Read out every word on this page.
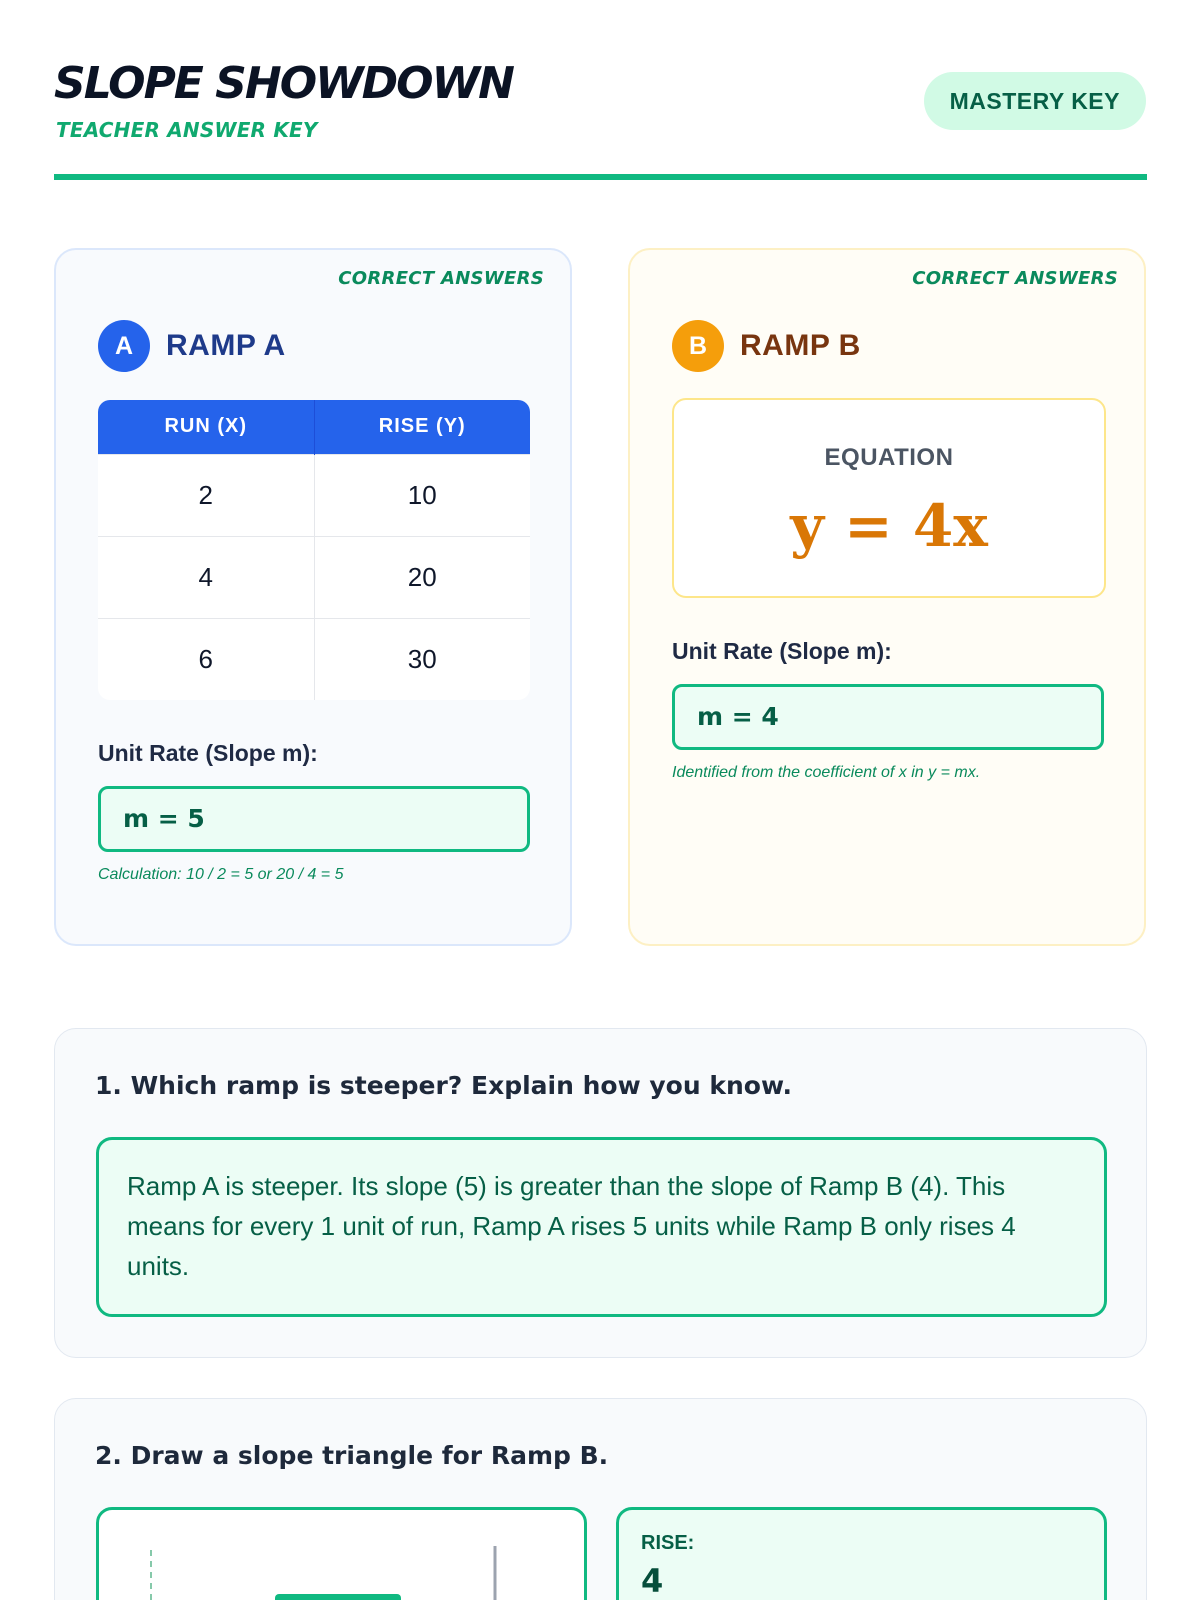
SLOPE SHOWDOWN
TEACHER ANSWER KEY
MASTERY KEY
CORRECT ANSWERS
A	RAMP A
RUN (X)	RISE (Y)
2	10
4	20
6	30
Unit Rate (Slope m):
m = 5
Calculation: 10 / 2 = 5 or 20 / 4 = 5
CORRECT ANSWERS
B	RAMP B
EQUATION
y = 4x
Unit Rate (Slope m):
m = 4
Identified from the coefficient of x in y = mx.
1. Which ramp is steeper? Explain how you know.
Ramp A is steeper. Its slope (5) is greater than the slope of Ramp B (4). This means for every 1 unit of run, Ramp A rises 5 units while Ramp B only rises 4 units.
2. Draw a slope triangle for Ramp B.
RISE:
4
